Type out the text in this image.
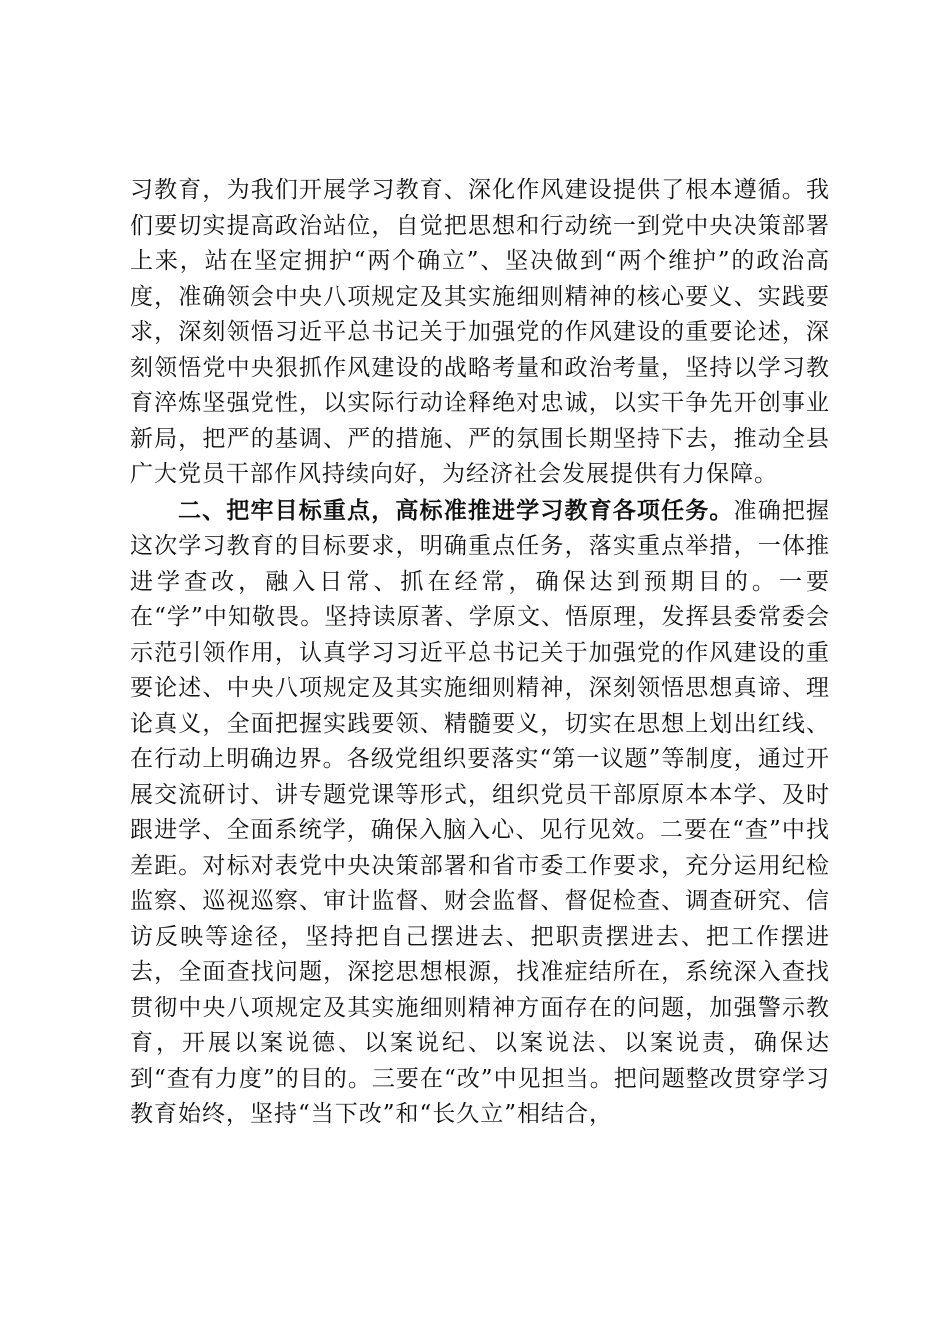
习教育，为我们开展学习教育、深化作风建设提供了根本遵循。我们要切实提高政治站位，自觉把思想和行动统一到党中央决策部署上来，站在坚定拥护“两个确立”、坚决做到“两个维护”的政治高度，准确领会中央八项规定及其实施细则精神的核心要义、实践要求，深刻领悟习近平总书记关于加强党的作风建设的重要论述，深刻领悟党中央狠抓作风建设的战略考量和政治考量，坚持以学习教育淬炼坚强党性，以实际行动诠释绝对忠诚，以实干争先开创事业新局，把严的基调、严的措施、严的氛围长期坚持下去，推动全县广大党员干部作风持续向好，为经济社会发展提供有力保障。

二、把牢目标重点，高标准推进学习教育各项任务。准确把握这次学习教育的目标要求，明确重点任务，落实重点举措，一体推进学查改，融入日常、抓在经常，确保达到预期目的。一要在“学”中知敬畏。坚持读原著、学原文、悟原理，发挥县委常委会示范引领作用，认真学习习近平总书记关于加强党的作风建设的重要论述、中央八项规定及其实施细则精神，深刻领悟思想真谛、理论真义，全面把握实践要领、精髓要义，切实在思想上划出红线、在行动上明确边界。各级党组织要落实“第一议题”等制度，通过开展交流研讨、讲专题党课等形式，组织党员干部原原本本学、及时跟进学、全面系统学，确保入脑入心、见行见效。二要在“查”中找差距。对标对表党中央决策部署和省市委工作要求，充分运用纪检监察、巡视巡察、审计监督、财会监督、督促检查、调查研究、信访反映等途径，坚持把自己摆进去、把职责摆进去、把工作摆进去，全面查找问题，深挖思想根源，找准症结所在，系统深入查找贯彻中央八项规定及其实施细则精神方面存在的问题，加强警示教育，开展以案说德、以案说纪、以案说法、以案说责，确保达到“查有力度”的目的。三要在“改”中见担当。把问题整改贯穿学习教育始终，坚持“当下改”和“长久立”相结合，
